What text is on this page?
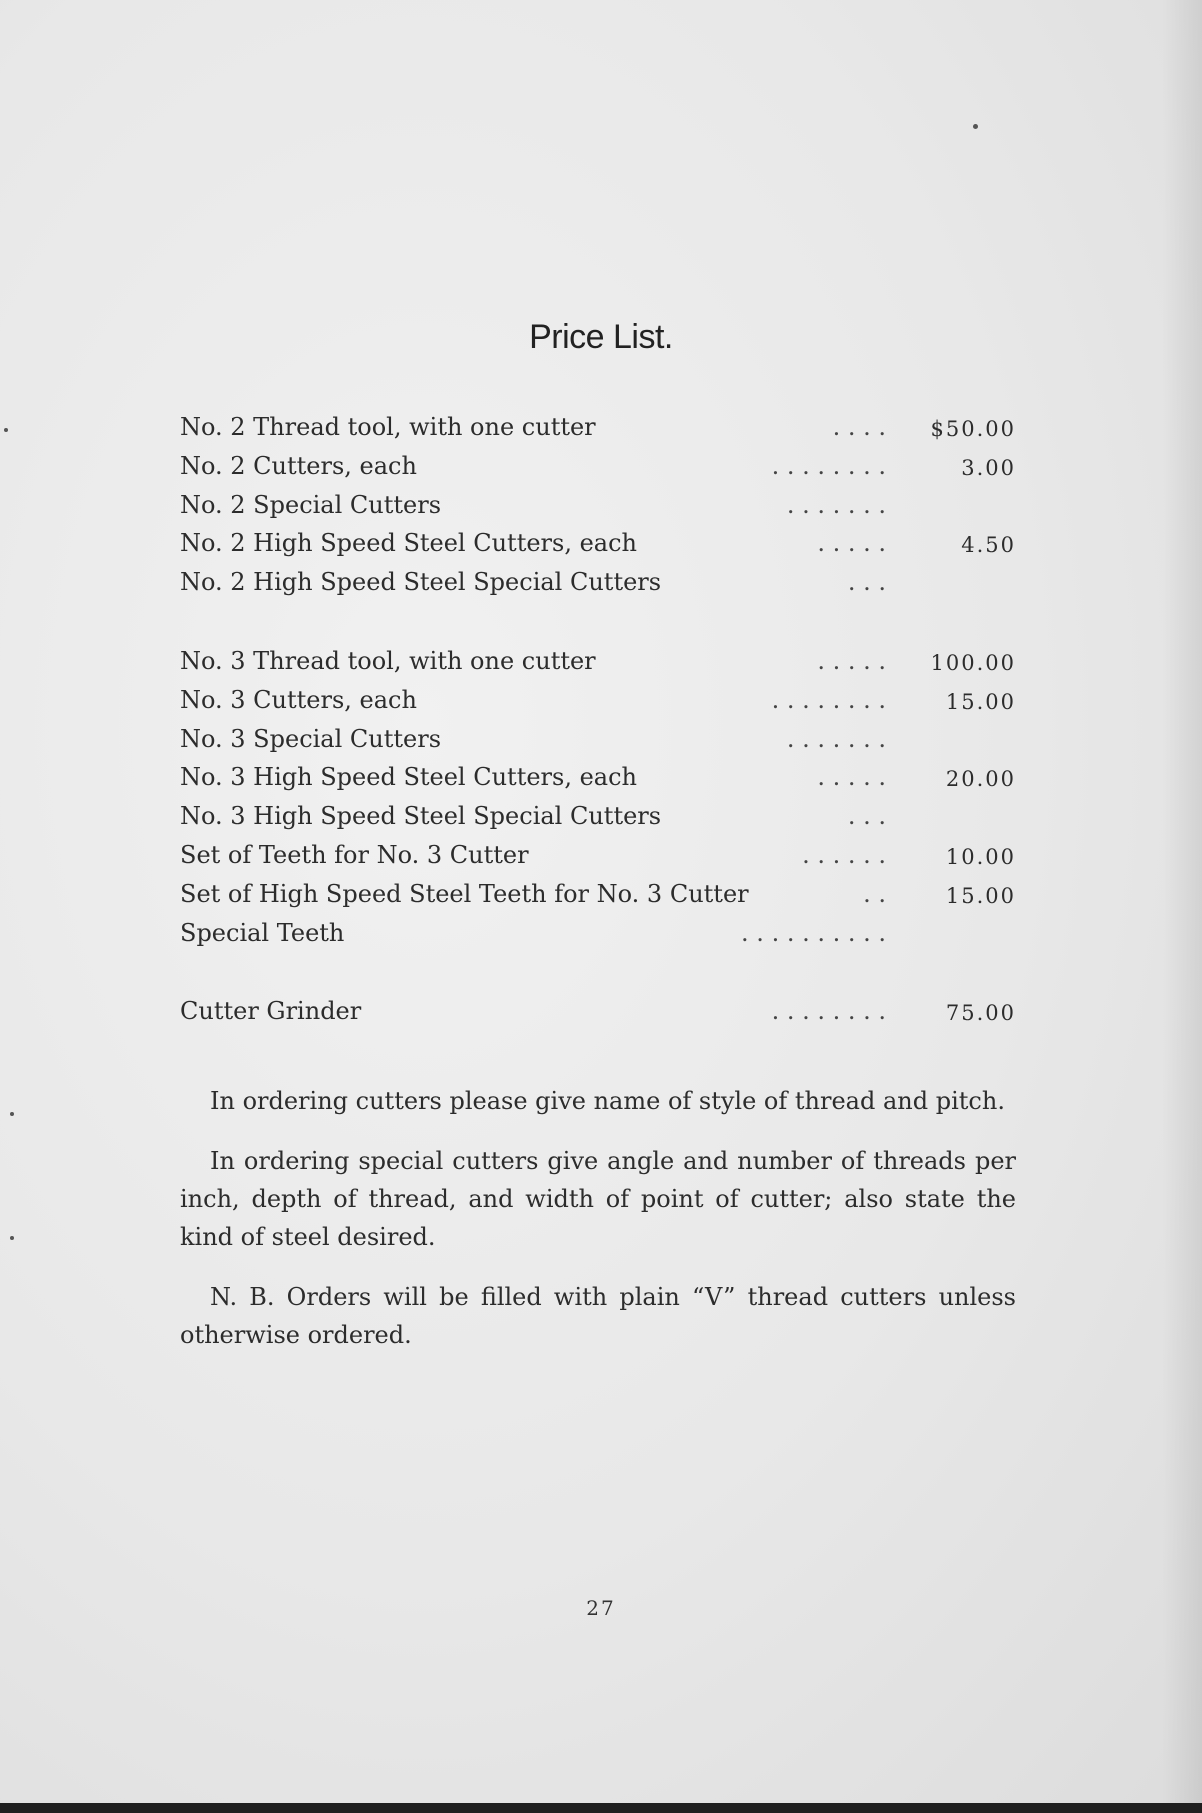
Price List.
. . . .
No. 2 Thread tool, with one cutter	$50.00
. . . . . . . .
No. 2 Cutters, each	3.00
. . . . . . .
No. 2 Special Cutters
. . . . .
No. 2 High Speed Steel Cutters, each	4.50
. . .
No. 2 High Speed Steel Special Cutters
. . . . .
No. 3 Thread tool, with one cutter	100.00
. . . . . . . .
No. 3 Cutters, each	15.00
. . . . . . .
No. 3 Special Cutters
. . . . .
No. 3 High Speed Steel Cutters, each	20.00
. . .
No. 3 High Speed Steel Special Cutters
. . . . . .
Set of Teeth for No. 3 Cutter	10.00
. .
Set of High Speed Steel Teeth for No. 3 Cutter	15.00
. . . . . . . . . .
Special Teeth
. . . . . . . .
Cutter Grinder	75.00

In ordering cutters please give name of style of thread and pitch.

In ordering special cutters give angle and number of threads per inch, depth of thread, and width of point of cutter; also state the kind of steel desired.

N. B. Orders will be filled with plain “V” thread cutters unless otherwise ordered.

27
